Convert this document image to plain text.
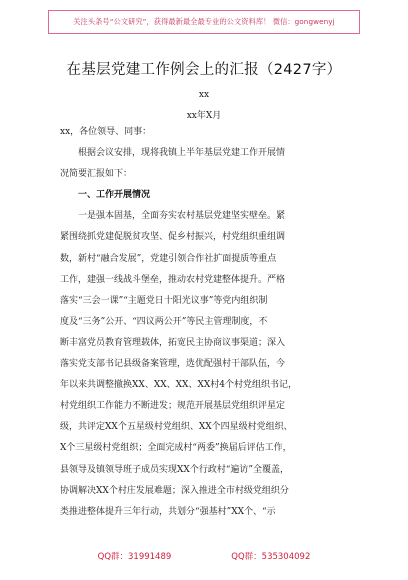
关注头条号“公文研究”，获得最新最全最专业的公文资料库！ 微信：gongwenyj
在基层党建工作例会上的汇报（2427字）
xx
xx年X月
xx，各位领导、同事：
根据会议安排，现将我镇上半年基层党建工作开展情
况简要汇报如下：
一、工作开展情况
一是强本固基，全面夯实农村基层党建坚实壁垒。紧
紧围绕抓党建促脱贫攻坚、促乡村振兴，村党组织重组调
数，新村“融合发展”，党建引领合作社扩面提质等重点
工作，建强一线战斗堡垒，推动农村党建整体提升。严格
落实“三会一课”“主题党日十阳光议事”等党内组织制
度及“三务”公开、“四议两公开”等民主管理制度，不
断丰富党员教育管理载体，拓宽民主协商议事渠道；深入
落实党支部书记县级备案管理，选优配强村干部队伍，今
年以来共调整撤换XX、XX、XX、XX村4个村党组织书记，
村党组织工作能力不断进发；规范开展基层党组织评星定
级，共评定XX个五星级村党组织、XX个四星级村党组织、
X个三星级村党组织；全面完成村“两委”换届后评估工作，
县领导及镇领导班子成员实现XX个行政村“遍访”全覆盖，
协调解决XX个村庄发展难题；深入推进全市村级党组织分
类推进整体提升三年行动，共划分“强基村”XX个、“示
QQ群：31991489	QQ群：535304092
